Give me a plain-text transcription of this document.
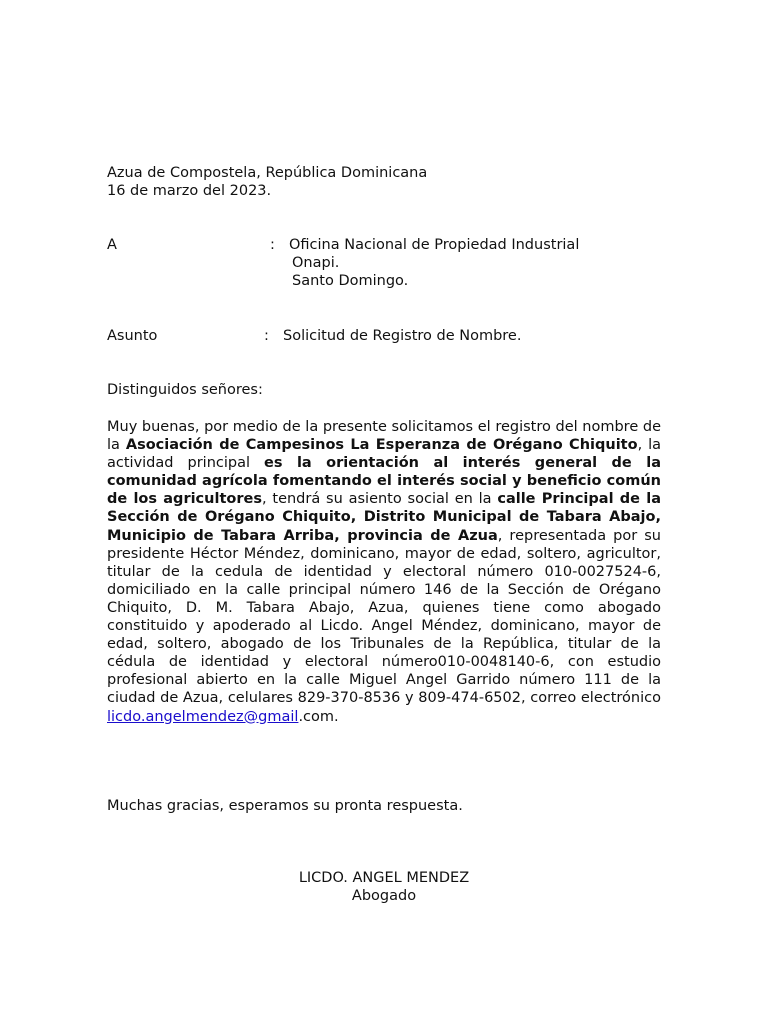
Azua de Compostela, República Dominicana
16 de marzo del 2023.
A	: Oficina Nacional de Propiedad Industrial
Onapi.
Santo Domingo.
Asunto	: Solicitud de Registro de Nombre.
Distinguidos señores:
Muy buenas, por medio de la presente solicitamos el registro del nombre de la Asociación de Campesinos La Esperanza de Orégano Chiquito, la actividad principal es la orientación al interés general de la comunidad agrícola fomentando el interés social y beneficio común de los agricultores, tendrá su asiento social en la calle Principal de la Sección de Orégano Chiquito, Distrito Municipal de Tabara Abajo, Municipio de Tabara Arriba, provincia de Azua, representada por su presidente Héctor Méndez, dominicano, mayor de edad, soltero, agricultor, titular de la cedula de identidad y electoral número 010-0027524-6, domiciliado en la calle principal número 146 de la Sección de Orégano Chiquito, D. M. Tabara Abajo, Azua, quienes tiene como abogado constituido y apoderado al Licdo. Angel Méndez, dominicano, mayor de edad, soltero, abogado de los Tribunales de la República, titular de la cédula de identidad y electoral número010-0048140-6, con estudio profesional abierto en la calle Miguel Angel Garrido número 111 de la ciudad de Azua, celulares 829-370-8536 y 809-474-6502, correo electrónico licdo.angelmendez@gmail.com.
Muchas gracias, esperamos su pronta respuesta.
LICDO. ANGEL MENDEZ
Abogado
